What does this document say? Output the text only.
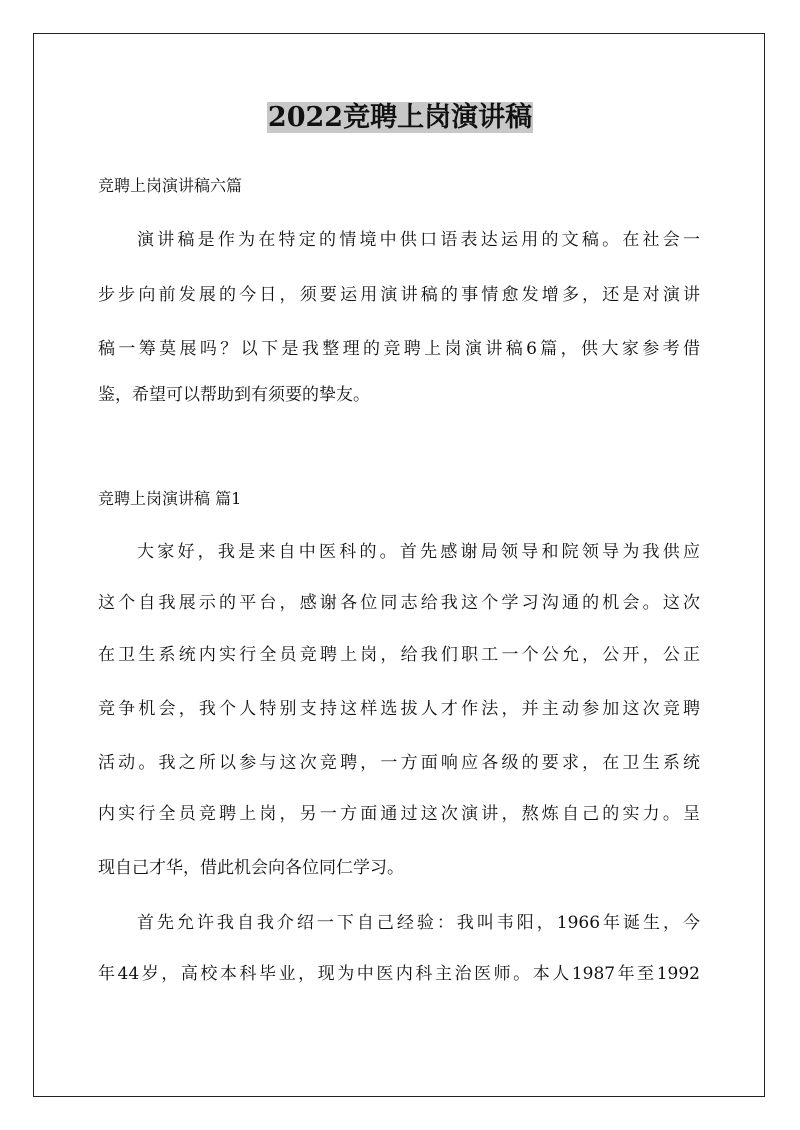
2022竞聘上岗演讲稿
竞聘上岗演讲稿六篇
演讲稿是作为在特定的情境中供口语表达运用的文稿。在社会一
步步向前发展的今日，须要运用演讲稿的事情愈发增多，还是对演讲
稿一筹莫展吗？以下是我整理的竞聘上岗演讲稿6篇，供大家参考借
鉴，希望可以帮助到有须要的挚友。
竞聘上岗演讲稿 篇1
大家好，我是来自中医科的。首先感谢局领导和院领导为我供应
这个自我展示的平台，感谢各位同志给我这个学习沟通的机会。这次
在卫生系统内实行全员竞聘上岗，给我们职工一个公允，公开，公正
竞争机会，我个人特别支持这样选拔人才作法，并主动参加这次竞聘
活动。我之所以参与这次竞聘，一方面响应各级的要求，在卫生系统
内实行全员竞聘上岗，另一方面通过这次演讲，熬炼自己的实力。呈
现自己才华，借此机会向各位同仁学习。
首先允许我自我介绍一下自己经验：我叫韦阳，1966年诞生，今
年44岁，高校本科毕业，现为中医内科主治医师。本人1987年至1992
